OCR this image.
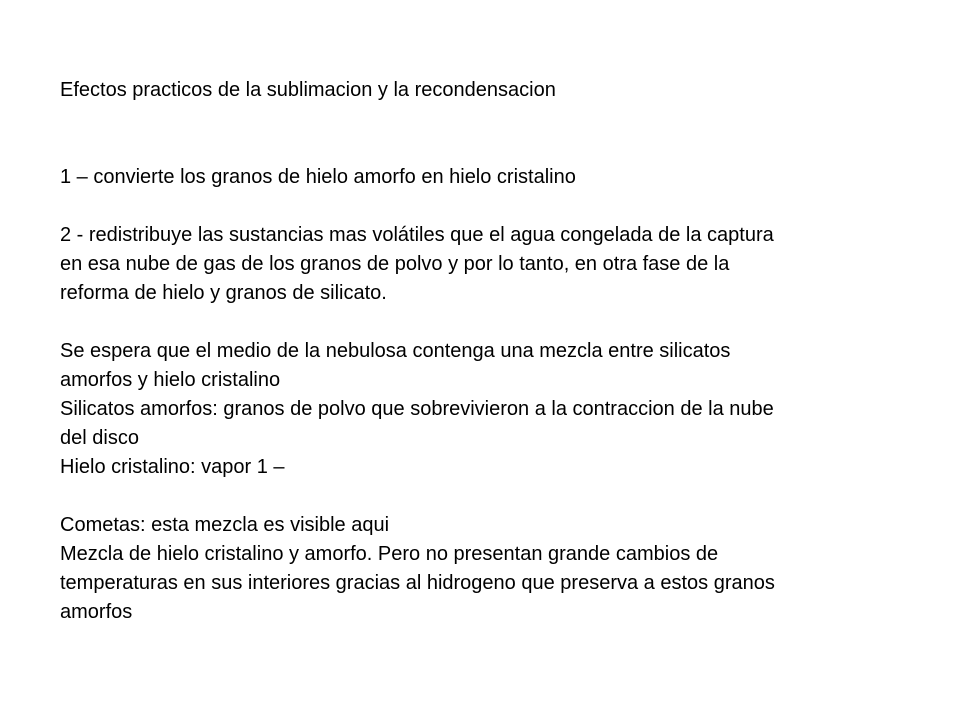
Efectos practicos de la sublimacion y la recondensacion
1 – convierte los granos de hielo amorfo en hielo cristalino
2 - redistribuye las sustancias mas volátiles que el agua congelada de la captura
en esa nube de gas de los granos de polvo y por lo tanto, en otra fase de la
reforma de hielo y granos de silicato.
Se espera que el medio de la nebulosa contenga una mezcla entre silicatos
amorfos y hielo cristalino
Silicatos amorfos: granos de polvo que sobrevivieron a la contraccion de la nube
del disco
Hielo cristalino: vapor 1 –
Cometas: esta mezcla es visible aqui
Mezcla de hielo cristalino y amorfo. Pero no presentan grande cambios de
temperaturas en sus interiores gracias al hidrogeno que preserva a estos granos
amorfos
